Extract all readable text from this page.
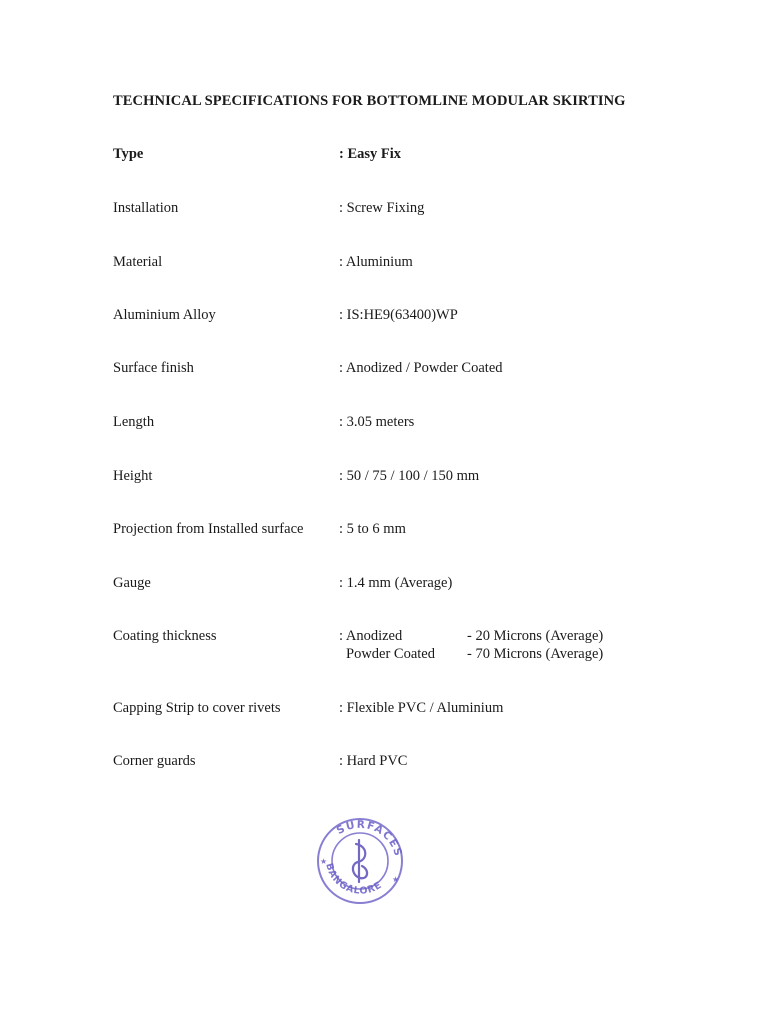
TECHNICAL SPECIFICATIONS FOR BOTTOMLINE MODULAR SKIRTING
Type	: Easy Fix
Installation	: Screw Fixing
Material	: Aluminium
Aluminium Alloy	: IS:HE9(63400)WP
Surface finish	: Anodized / Powder Coated
Length	: 3.05 meters
Height	: 50 / 75 / 100 / 150 mm
Projection from Installed surface : 5 to 6 mm
Gauge	: 1.4 mm (Average)
Coating thickness	: Anodized	- 20 Microns (Average)
Powder Coated - 70 Microns (Average)
Capping Strip to cover rivets	: Flexible PVC / Aluminium
Corner guards	: Hard PVC
SURFACES
BANGALORE
★
★
